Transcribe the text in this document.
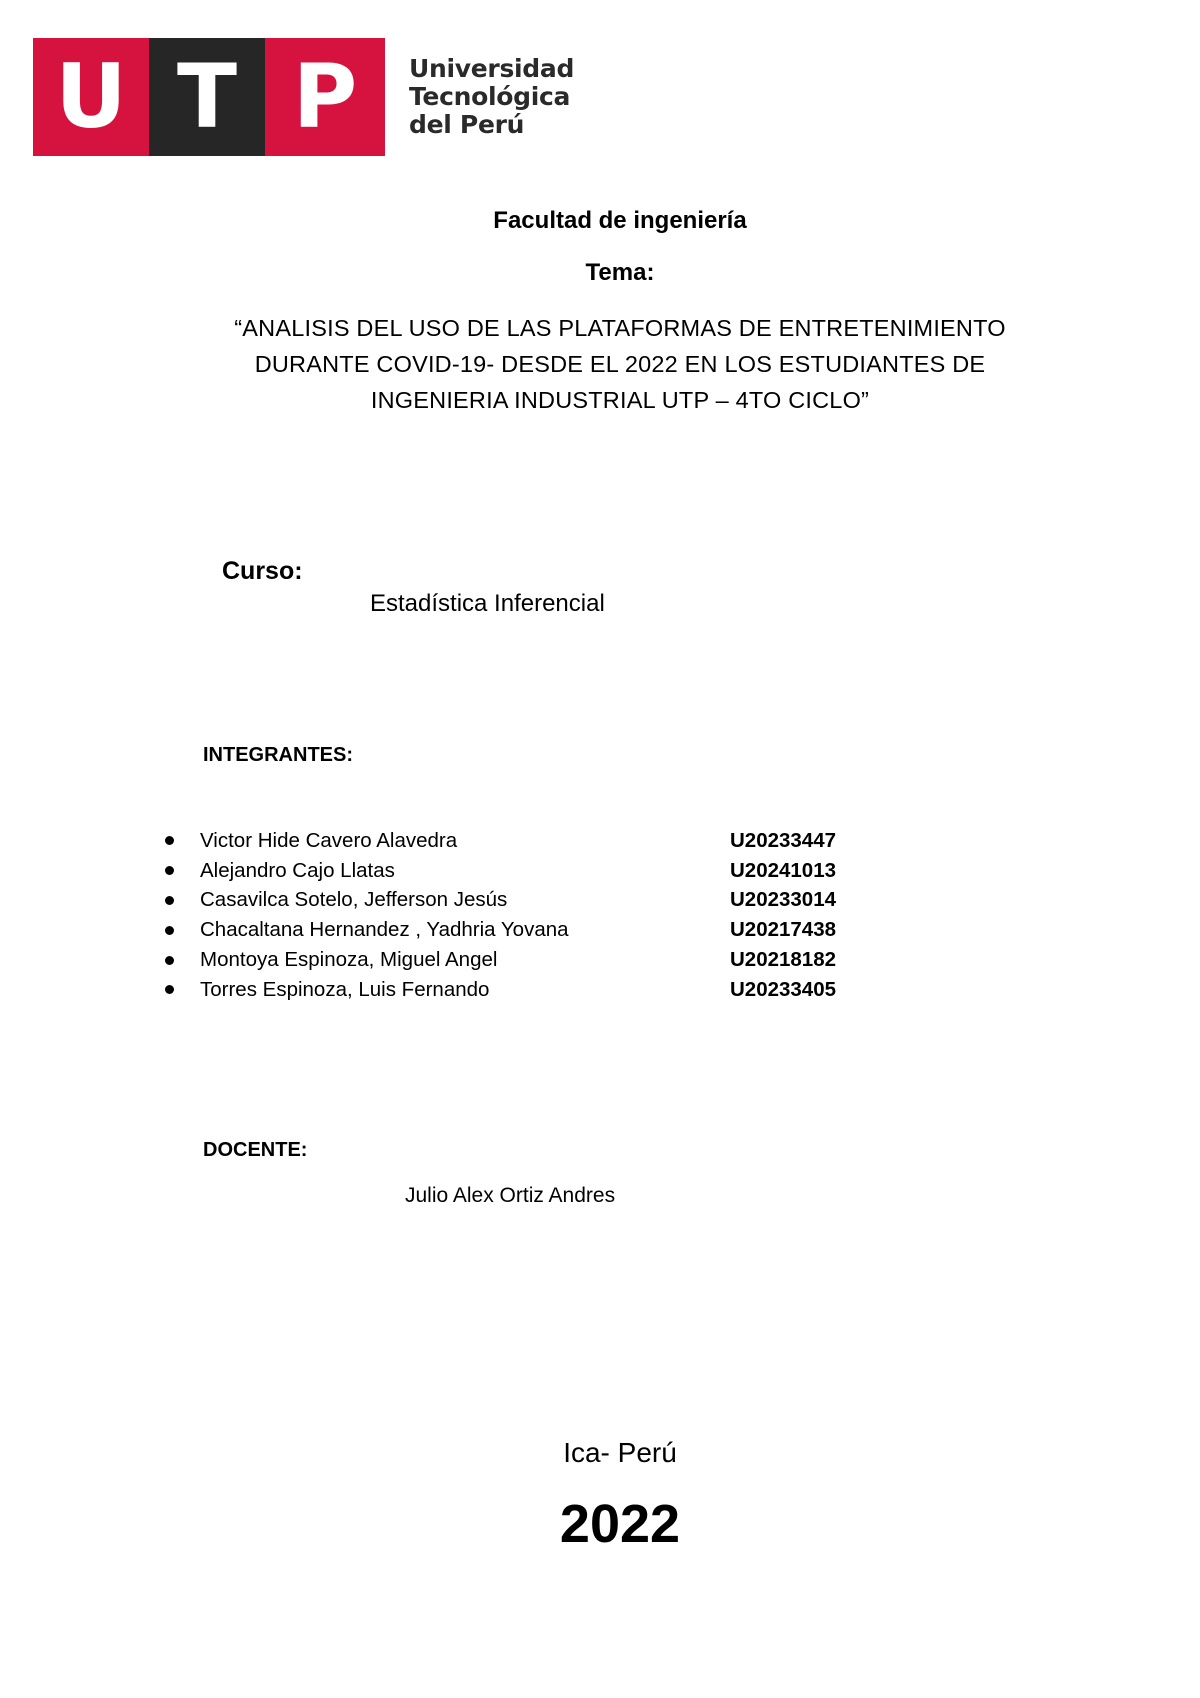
U T P	Universidad
Tecnológica
del Perú
Facultad de ingeniería
Tema:
“ANALISIS DEL USO DE LAS PLATAFORMAS DE ENTRETENIMIENTO
DURANTE COVID-19- DESDE EL 2022 EN LOS ESTUDIANTES DE
INGENIERIA INDUSTRIAL UTP – 4TO CICLO”
Curso:
Estadística Inferencial
INTEGRANTES:
Victor Hide Cavero Alavedra	U20233447
Alejandro Cajo Llatas	U20241013
Casavilca Sotelo, Jefferson Jesús	U20233014
Chacaltana Hernandez , Yadhria Yovana	U20217438
Montoya Espinoza, Miguel Angel	U20218182
Torres Espinoza, Luis Fernando	U20233405
DOCENTE:
Julio Alex Ortiz Andres
Ica- Perú
2022
